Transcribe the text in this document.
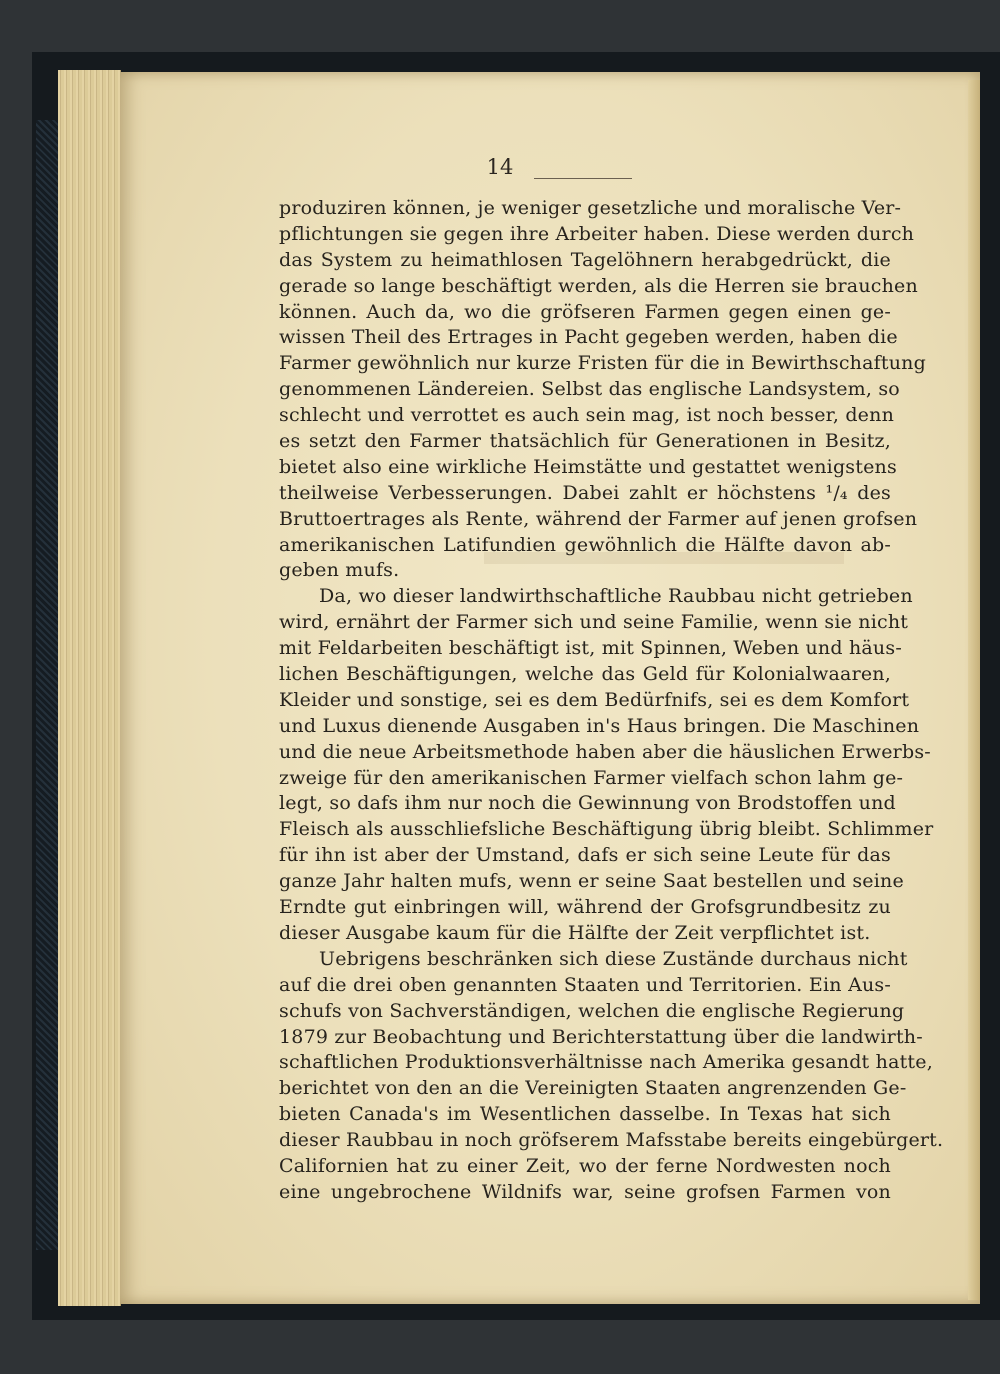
14
produziren können, je weniger gesetzliche und moralische Ver-
pflichtungen sie gegen ihre Arbeiter haben. Diese werden durch
das System zu heimathlosen Tagelöhnern herabgedrückt, die
gerade so lange beschäftigt werden, als die Herren sie brauchen
können. Auch da, wo die gröfseren Farmen gegen einen ge-
wissen Theil des Ertrages in Pacht gegeben werden, haben die
Farmer gewöhnlich nur kurze Fristen für die in Bewirthschaftung
genommenen Ländereien. Selbst das englische Landsystem, so
schlecht und verrottet es auch sein mag, ist noch besser, denn
es setzt den Farmer thatsächlich für Generationen in Besitz,
bietet also eine wirkliche Heimstätte und gestattet wenigstens
theilweise Verbesserungen. Dabei zahlt er höchstens ¹/₄ des
Bruttoertrages als Rente, während der Farmer auf jenen grofsen
amerikanischen Latifundien gewöhnlich die Hälfte davon ab-
geben mufs.
Da, wo dieser landwirthschaftliche Raubbau nicht getrieben
wird, ernährt der Farmer sich und seine Familie, wenn sie nicht
mit Feldarbeiten beschäftigt ist, mit Spinnen, Weben und häus-
lichen Beschäftigungen, welche das Geld für Kolonialwaaren,
Kleider und sonstige, sei es dem Bedürfnifs, sei es dem Komfort
und Luxus dienende Ausgaben in's Haus bringen. Die Maschinen
und die neue Arbeitsmethode haben aber die häuslichen Erwerbs-
zweige für den amerikanischen Farmer vielfach schon lahm ge-
legt, so dafs ihm nur noch die Gewinnung von Brodstoffen und
Fleisch als ausschliefsliche Beschäftigung übrig bleibt. Schlimmer
für ihn ist aber der Umstand, dafs er sich seine Leute für das
ganze Jahr halten mufs, wenn er seine Saat bestellen und seine
Erndte gut einbringen will, während der Grofsgrundbesitz zu
dieser Ausgabe kaum für die Hälfte der Zeit verpflichtet ist.
Uebrigens beschränken sich diese Zustände durchaus nicht
auf die drei oben genannten Staaten und Territorien. Ein Aus-
schufs von Sachverständigen, welchen die englische Regierung
1879 zur Beobachtung und Berichterstattung über die landwirth-
schaftlichen Produktionsverhältnisse nach Amerika gesandt hatte,
berichtet von den an die Vereinigten Staaten angrenzenden Ge-
bieten Canada's im Wesentlichen dasselbe. In Texas hat sich
dieser Raubbau in noch gröfserem Mafsstabe bereits eingebürgert.
Californien hat zu einer Zeit, wo der ferne Nordwesten noch
eine ungebrochene Wildnifs war, seine grofsen Farmen von
